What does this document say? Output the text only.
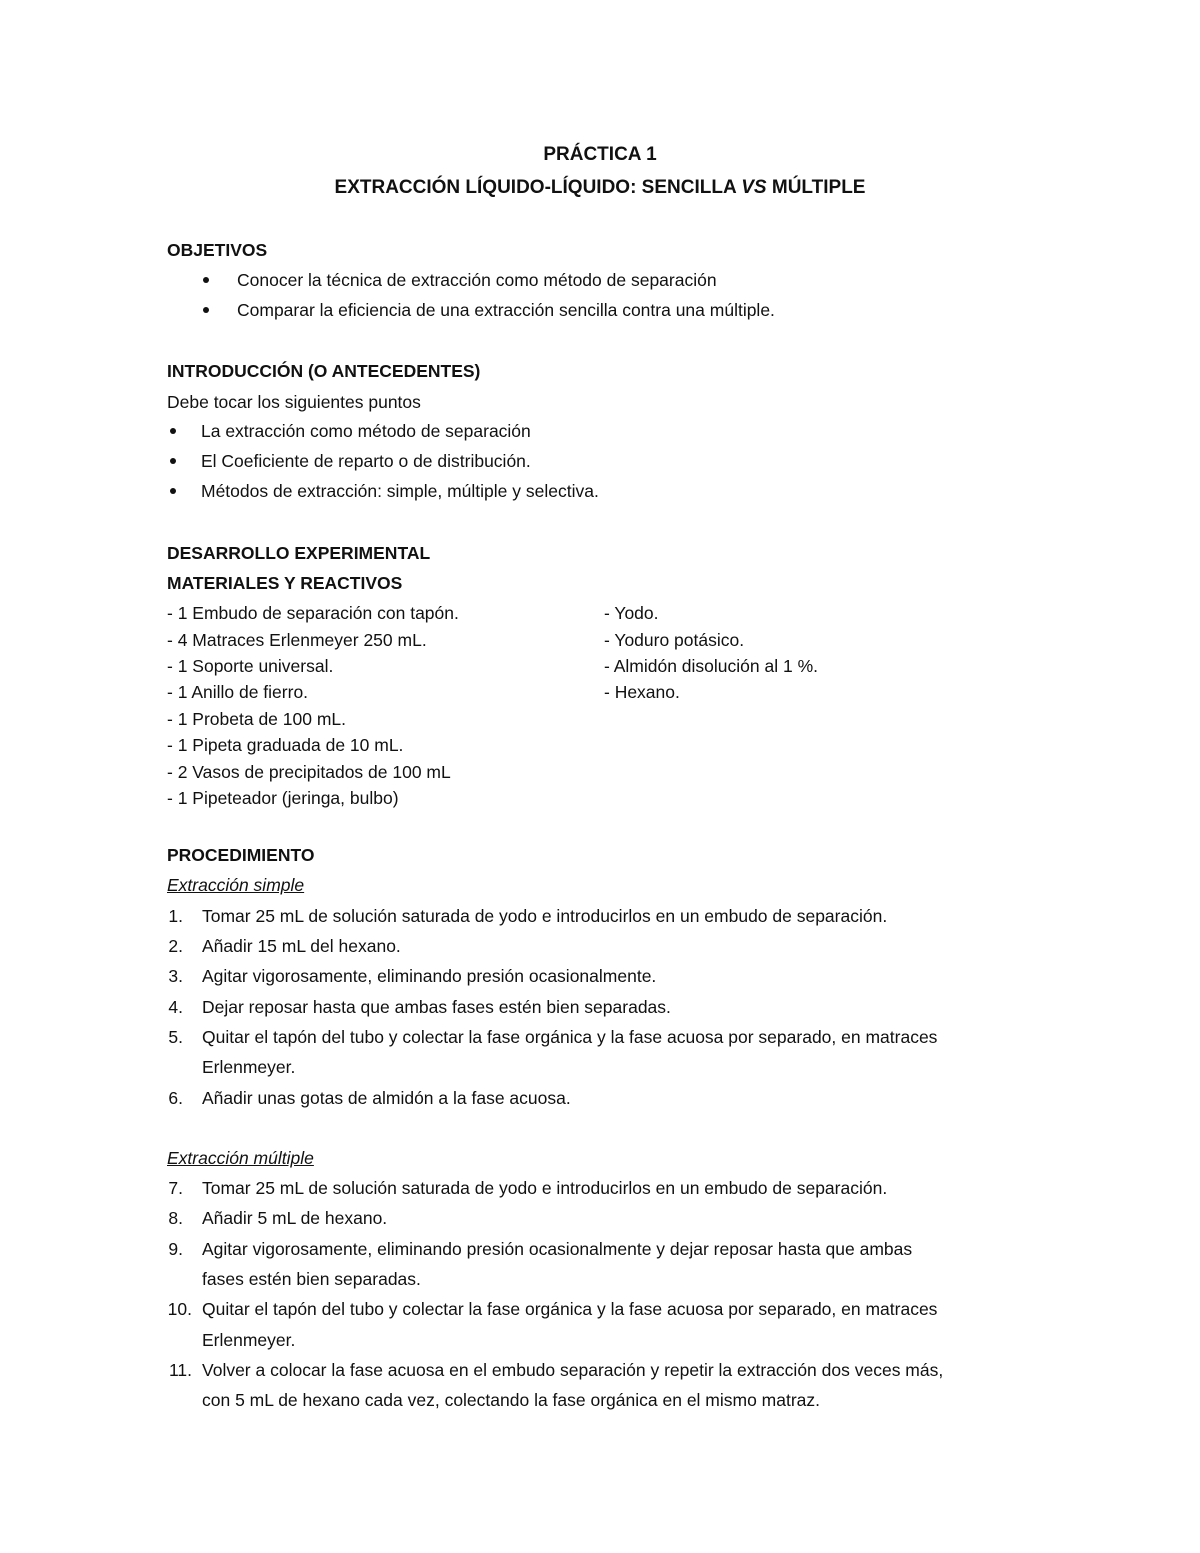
PRÁCTICA 1
EXTRACCIÓN LÍQUIDO-LÍQUIDO: SENCILLA VS MÚLTIPLE
OBJETIVOS
Conocer la técnica de extracción como método de separación
Comparar la eficiencia de una extracción sencilla contra una múltiple.
INTRODUCCIÓN (O ANTECEDENTES)
Debe tocar los siguientes puntos
La extracción como método de separación
El Coeficiente de reparto o de distribución.
Métodos de extracción: simple, múltiple y selectiva.
DESARROLLO EXPERIMENTAL
MATERIALES Y REACTIVOS
- 1 Embudo de separación con tapón.
- 4 Matraces Erlenmeyer 250 mL.
- 1 Soporte universal.
- 1 Anillo de fierro.
- 1 Probeta de 100 mL.
- 1 Pipeta graduada de 10 mL.
- 2 Vasos de precipitados de 100 mL
- 1 Pipeteador (jeringa, bulbo)
- Yodo.
- Yoduro potásico.
- Almidón disolución al 1 %.
- Hexano.
PROCEDIMIENTO
Extracción simple
1. Tomar 25 mL de solución saturada de yodo e introducirlos en un embudo de separación.
2. Añadir 15 mL del hexano.
3. Agitar vigorosamente, eliminando presión ocasionalmente.
4. Dejar reposar hasta que ambas fases estén bien separadas.
5. Quitar el tapón del tubo y colectar la fase orgánica y la fase acuosa por separado, en matraces
Erlenmeyer.
6. Añadir unas gotas de almidón a la fase acuosa.
Extracción múltiple
7. Tomar 25 mL de solución saturada de yodo e introducirlos en un embudo de separación.
8. Añadir 5 mL de hexano.
9. Agitar vigorosamente, eliminando presión ocasionalmente y dejar reposar hasta que ambas
fases estén bien separadas.
10. Quitar el tapón del tubo y colectar la fase orgánica y la fase acuosa por separado, en matraces
Erlenmeyer.
11. Volver a colocar la fase acuosa en el embudo separación y repetir la extracción dos veces más,
con 5 mL de hexano cada vez, colectando la fase orgánica en el mismo matraz.
